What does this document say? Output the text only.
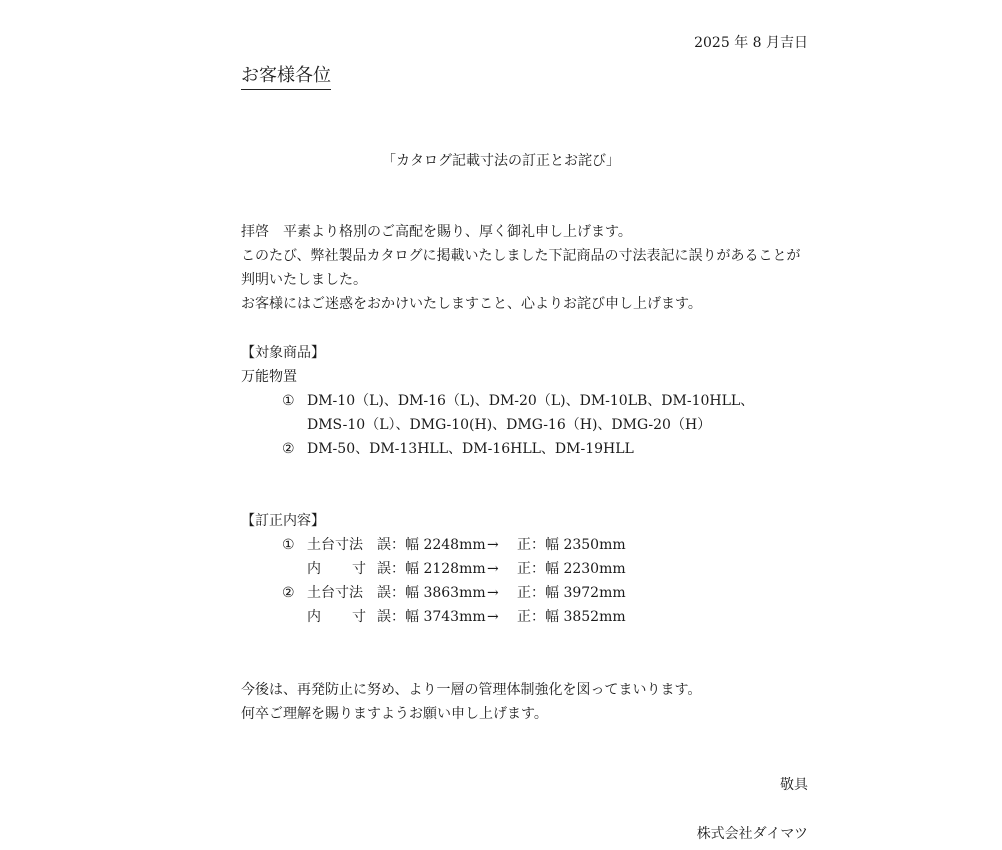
2025 年 8 月吉日
お客様各位
「カタログ記載寸法の訂正とお詫び」
拝啓　平素より格別のご高配を賜り、厚く御礼申し上げます。
このたび、弊社製品カタログに掲載いたしました下記商品の寸法表記に誤りがあることが
判明いたしました。
お客様にはご迷惑をおかけいたしますこと、心よりお詫び申し上げます。
【対象商品】
万能物置
① DM-10（L)、DM-16（L)、DM-20（L)、DM-10LB、DM-10HLL、
DMS-10（L）、DMG-10(H)、DMG-16（H)、DMG-20（H）
② DM-50、DM-13HLL、DM-16HLL、DM-19HLL
【訂正内容】
① 土台寸法 誤：幅 2248mm → 正：幅 2350mm
内 寸 誤：幅 2128mm → 正：幅 2230mm
② 土台寸法 誤：幅 3863mm → 正：幅 3972mm
内 寸 誤：幅 3743mm → 正：幅 3852mm
今後は、再発防止に努め、より一層の管理体制強化を図ってまいります。
何卒ご理解を賜りますようお願い申し上げます。
敬具
株式会社ダイマツ
